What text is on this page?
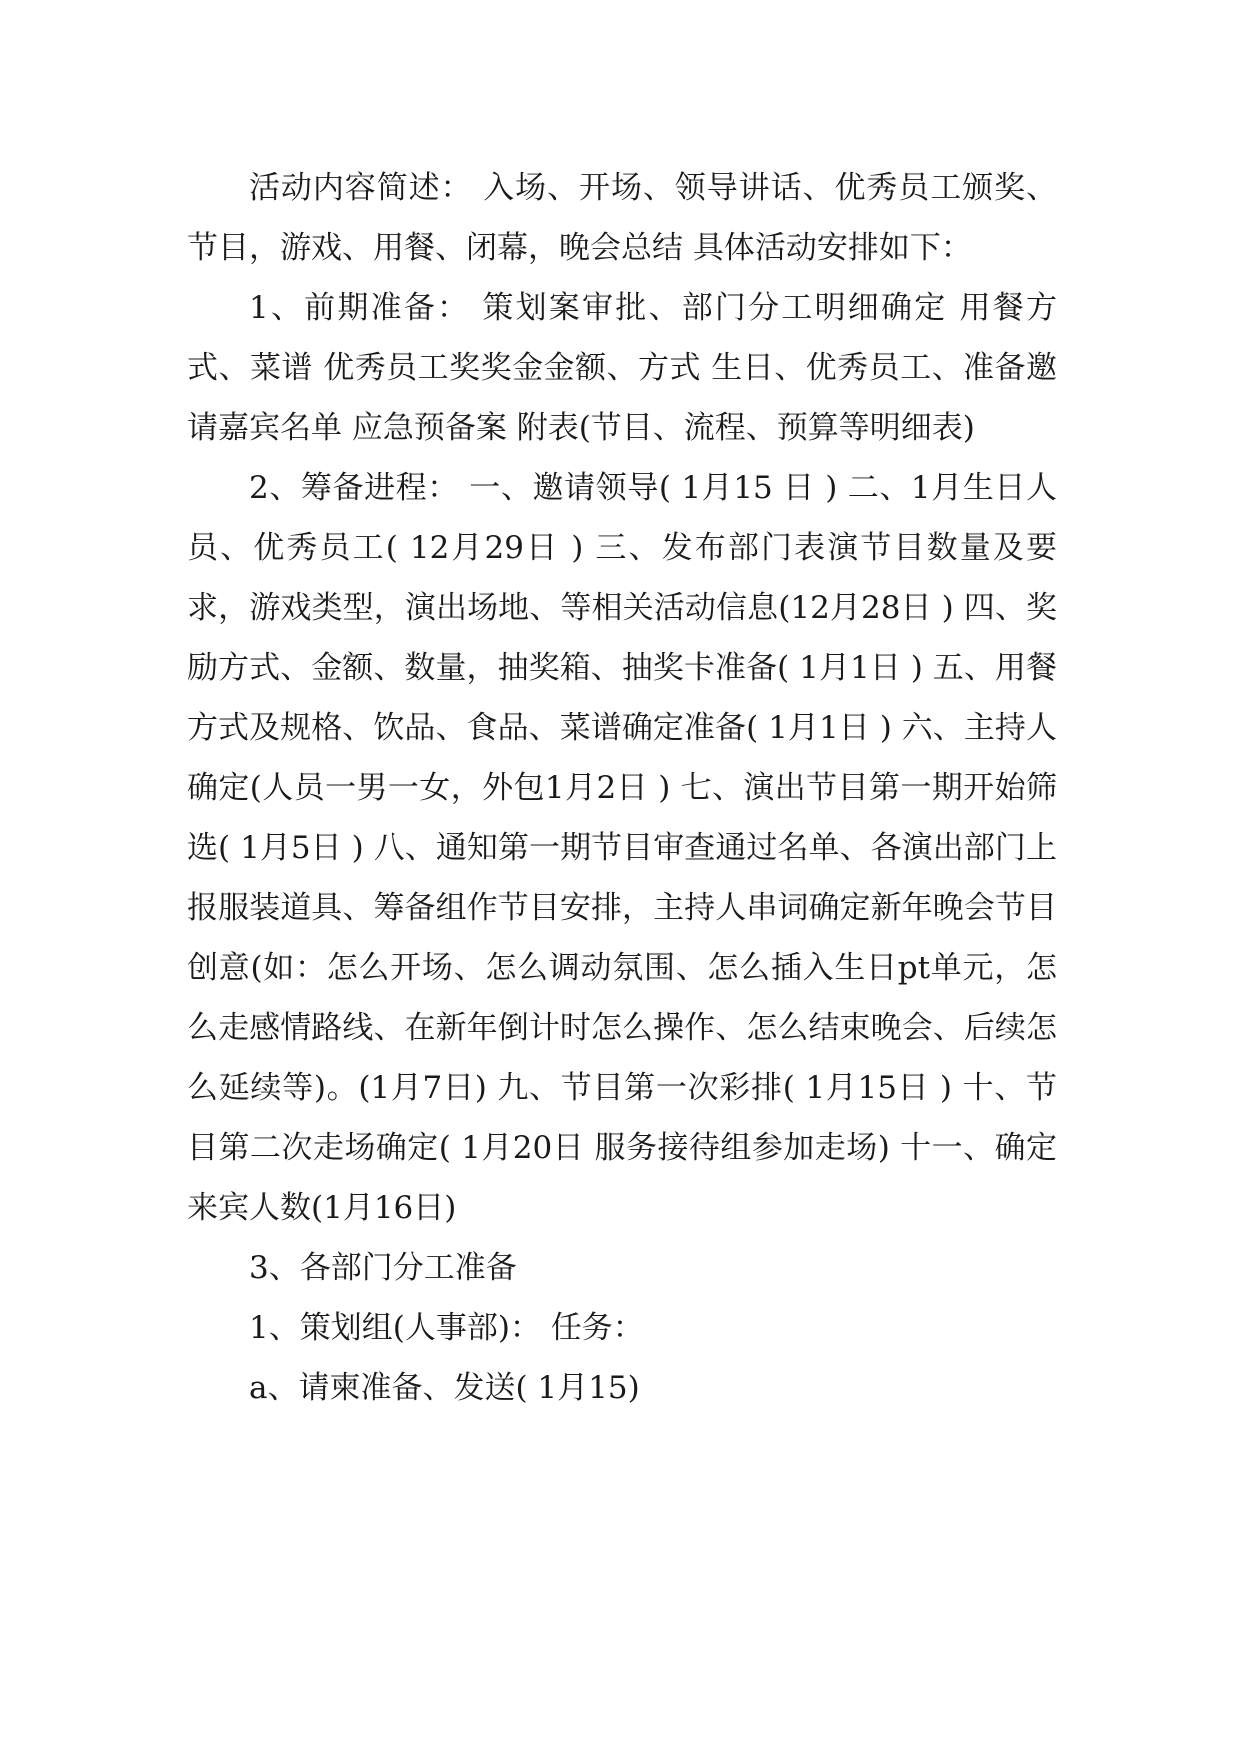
活动内容简述： 入场、开场、领导讲话、优秀员工颁奖、节目，游戏、用餐、闭幕，晚会总结 具体活动安排如下：

1、前期准备： 策划案审批、部门分工明细确定 用餐方式、菜谱 优秀员工奖奖金金额、方式 生日、优秀员工、准备邀请嘉宾名单 应急预备案 附表(节目、流程、预算等明细表)

2、筹备进程： 一、邀请领导( 1月15 日 ) 二、1月生日人员、优秀员工( 12月29日 ) 三、发布部门表演节目数量及要求，游戏类型，演出场地、等相关活动信息(12月28日 ) 四、奖励方式、金额、数量，抽奖箱、抽奖卡准备( 1月1日 ) 五、用餐方式及规格、饮品、食品、菜谱确定准备( 1月1日 ) 六、主持人确定(人员一男一女，外包1月2日 ) 七、演出节目第一期开始筛选( 1月5日 ) 八、通知第一期节目审查通过名单、各演出部门上报服装道具、筹备组作节目安排，主持人串词确定新年晚会节目创意(如：怎么开场、怎么调动氛围、怎么插入生日pt单元，怎么走感情路线、在新年倒计时怎么操作、怎么结束晚会、后续怎么延续等)。(1月7日) 九、节目第一次彩排( 1月15日 ) 十、节目第二次走场确定( 1月20日 服务接待组参加走场) 十一、确定来宾人数(1月16日)

3、各部门分工准备

1、策划组(人事部)： 任务：

a、请柬准备、发送( 1月15)
